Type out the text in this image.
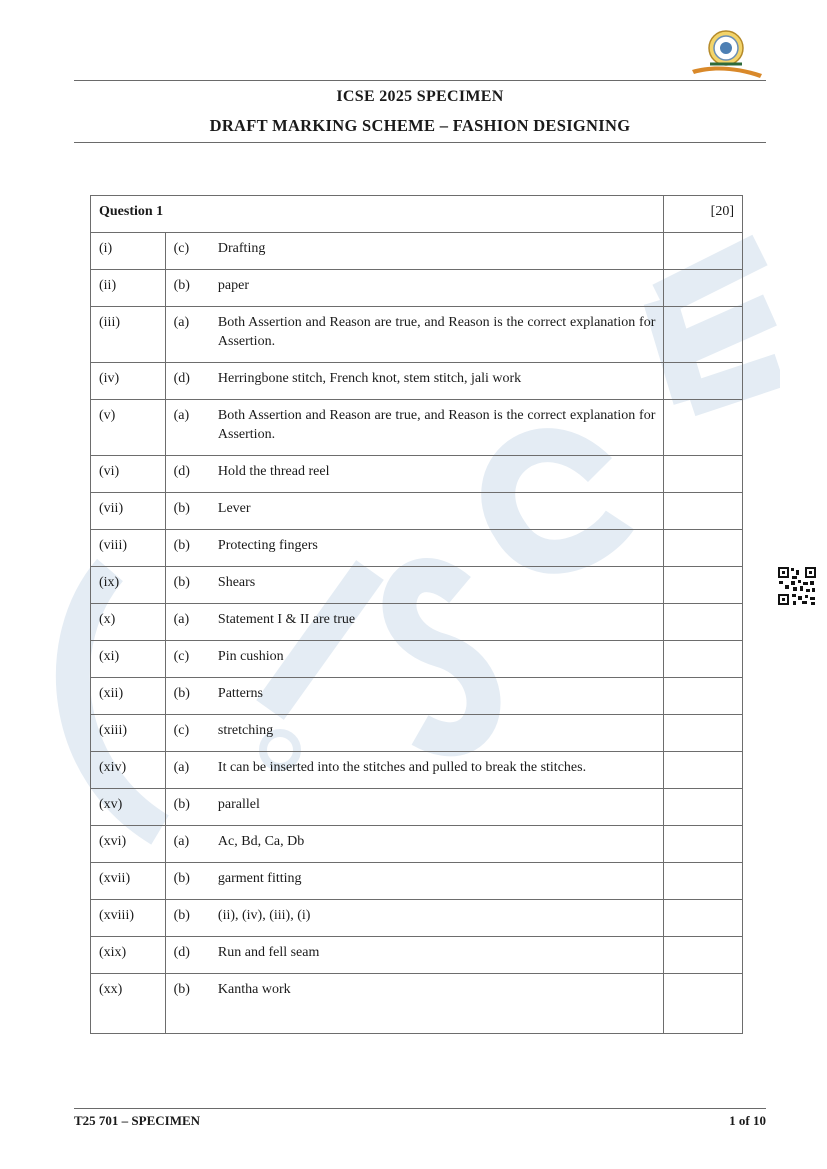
ICSE 2025 SPECIMEN
DRAFT MARKING SCHEME – FASHION DESIGNING
Question 1			[20]
(i)	(c)	Drafting	
(ii)	(b)	paper	
(iii)	(a)	Both Assertion and Reason are true, and Reason is the correct explanation for Assertion.	
(iv)	(d)	Herringbone stitch, French knot, stem stitch, jali work	
(v)	(a)	Both Assertion and Reason are true, and Reason is the correct explanation for Assertion.	
(vi)	(d)	Hold the thread reel	
(vii)	(b)	Lever	
(viii)	(b)	Protecting fingers	
(ix)	(b)	Shears	
(x)	(a)	Statement I & II are true	
(xi)	(c)	Pin cushion	
(xii)	(b)	Patterns	
(xiii)	(c)	stretching	
(xiv)	(a)	It can be inserted into the stitches and pulled to break the stitches.	
(xv)	(b)	parallel	
(xvi)	(a)	Ac, Bd, Ca, Db	
(xvii)	(b)	garment fitting	
(xviii)	(b)	(ii), (iv), (iii), (i)	
(xix)	(d)	Run and fell seam	
(xx)	(b)	Kantha work	
T25 701 – SPECIMEN	1 of 10
